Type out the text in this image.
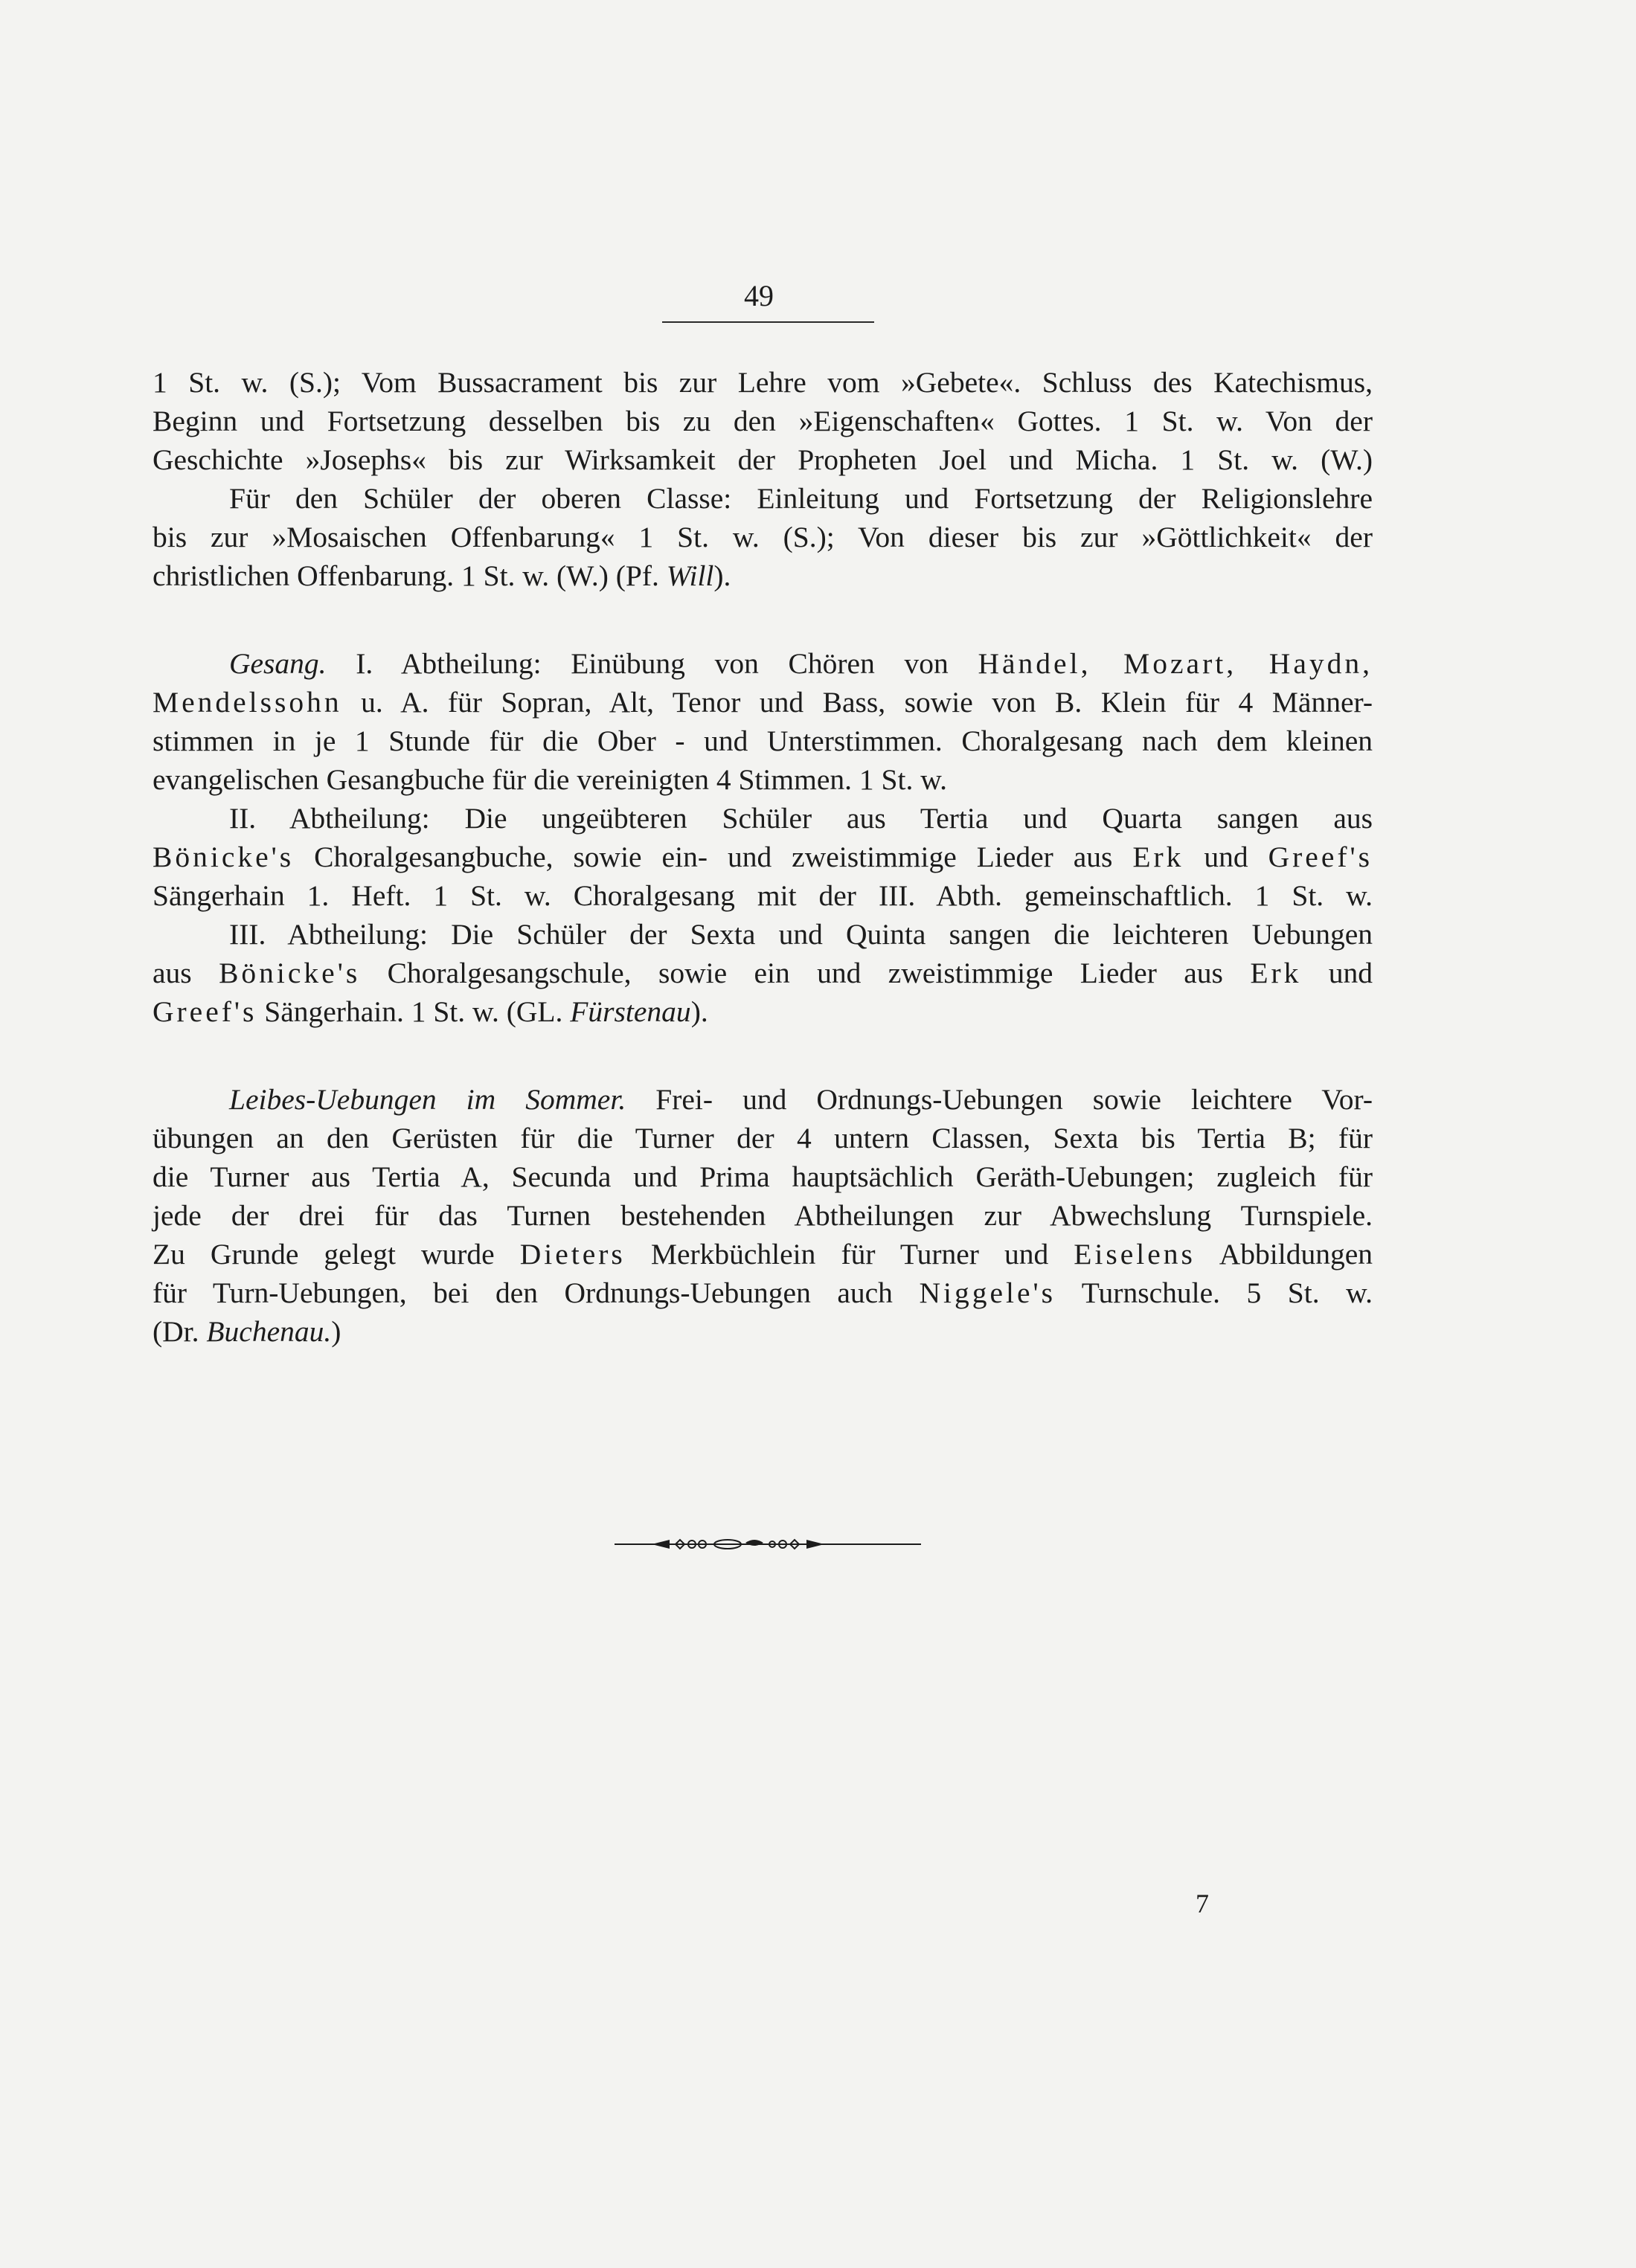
49
1 St. w. (S.); Vom Bussacrament bis zur Lehre vom »Gebete«. Schluss des Katechismus,
Beginn und Fortsetzung desselben bis zu den »Eigenschaften« Gottes. 1 St. w. Von der
Geschichte »Josephs« bis zur Wirksamkeit der Propheten Joel und Micha. 1 St. w. (W.)
Für den Schüler der oberen Classe: Einleitung und Fortsetzung der Religionslehre
bis zur »Mosaischen Offenbarung« 1 St. w. (S.); Von dieser bis zur »Göttlichkeit« der
christlichen Offenbarung. 1 St. w. (W.) (Pf. Will).
Gesang. I. Abtheilung: Einübung von Chören von Händel, Mozart, Haydn,
Mendelssohn u. A. für Sopran, Alt, Tenor und Bass, sowie von B. Klein für 4 Männer-
stimmen in je 1 Stunde für die Ober - und Unterstimmen. Choralgesang nach dem kleinen
evangelischen Gesangbuche für die vereinigten 4 Stimmen. 1 St. w.
II. Abtheilung: Die ungeübteren Schüler aus Tertia und Quarta sangen aus
Bönicke's Choralgesangbuche, sowie ein- und zweistimmige Lieder aus Erk und Greef's
Sängerhain 1. Heft. 1 St. w. Choralgesang mit der III. Abth. gemeinschaftlich. 1 St. w.
III. Abtheilung: Die Schüler der Sexta und Quinta sangen die leichteren Uebungen
aus Bönicke's Choralgesangschule, sowie ein und zweistimmige Lieder aus Erk und
Greef's Sängerhain. 1 St. w. (GL. Fürstenau).
Leibes-Uebungen im Sommer. Frei- und Ordnungs-Uebungen sowie leichtere Vor-
übungen an den Gerüsten für die Turner der 4 untern Classen, Sexta bis Tertia B; für
die Turner aus Tertia A, Secunda und Prima hauptsächlich Geräth-Uebungen; zugleich für
jede der drei für das Turnen bestehenden Abtheilungen zur Abwechslung Turnspiele.
Zu Grunde gelegt wurde Dieters Merkbüchlein für Turner und Eiselens Abbildungen
für Turn-Uebungen, bei den Ordnungs-Uebungen auch Niggele's Turnschule. 5 St. w.
(Dr. Buchenau.)
7
